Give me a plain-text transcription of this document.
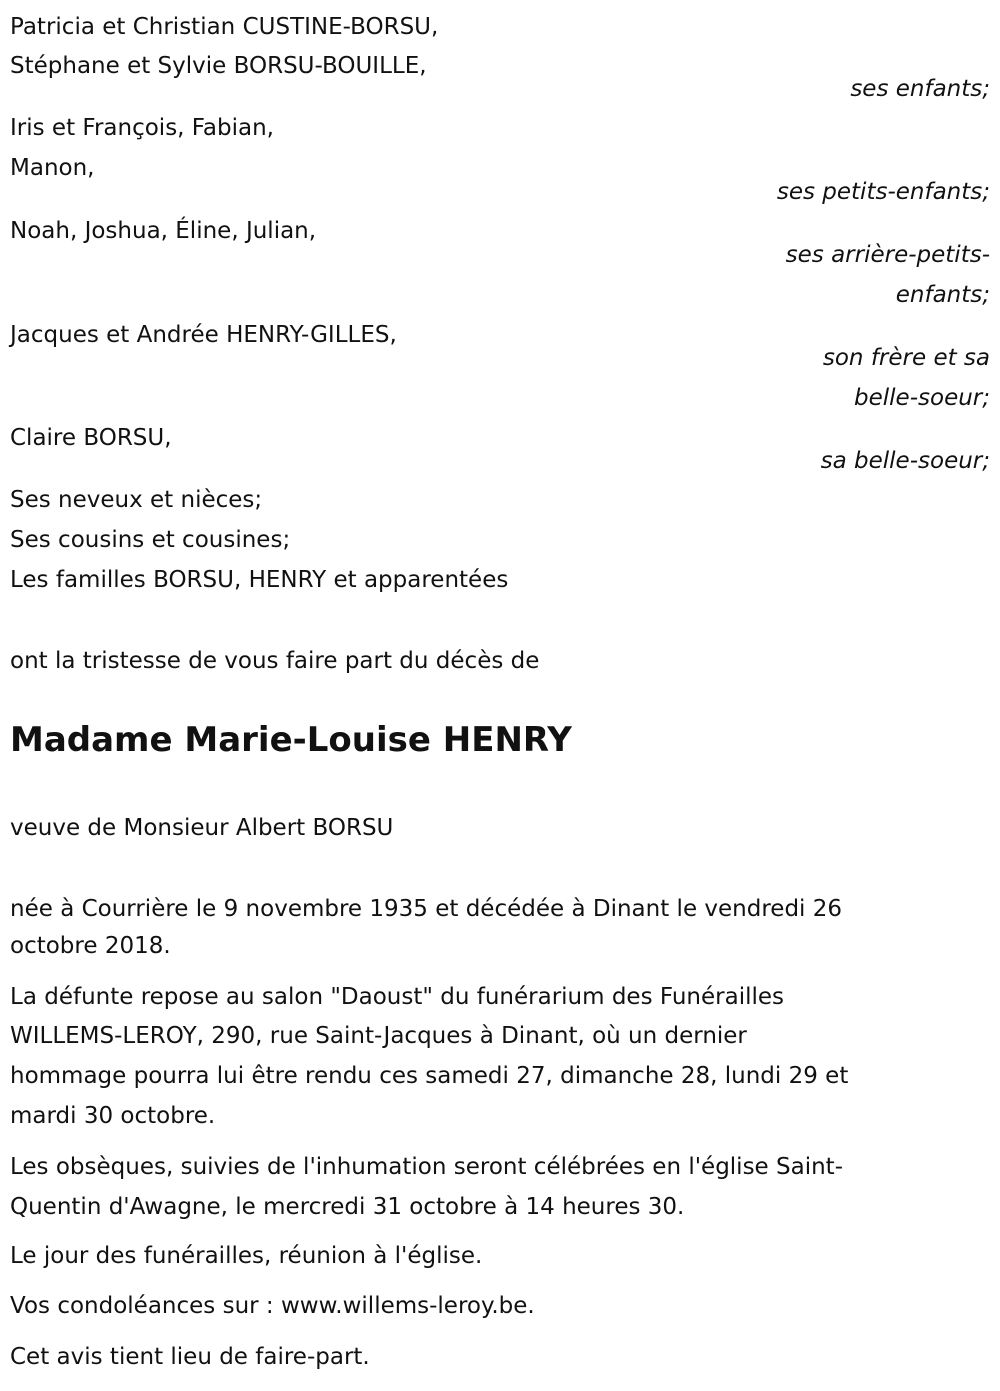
Patricia et Christian CUSTINE-BORSU,
Stéphane et Sylvie BORSU-BOUILLE,
ses enfants;
Iris et François, Fabian,
Manon,
ses petits-enfants;
Noah, Joshua, Éline, Julian,
ses arrière-petits-
enfants;
Jacques et Andrée HENRY-GILLES,
son frère et sa
belle-soeur;
Claire BORSU,
sa belle-soeur;
Ses neveux et nièces;
Ses cousins et cousines;
Les familles BORSU, HENRY et apparentées
ont la tristesse de vous faire part du décès de
Madame Marie-Louise HENRY
veuve de Monsieur Albert BORSU
née à Courrière le 9 novembre 1935 et décédée à Dinant le vendredi 26
octobre 2018.
La défunte repose au salon "Daoust" du funérarium des Funérailles
WILLEMS-LEROY, 290, rue Saint-Jacques à Dinant, où un dernier
hommage pourra lui être rendu ces samedi 27, dimanche 28, lundi 29 et
mardi 30 octobre.
Les obsèques, suivies de l'inhumation seront célébrées en l'église Saint-
Quentin d'Awagne, le mercredi 31 octobre à 14 heures 30.
Le jour des funérailles, réunion à l'église.
Vos condoléances sur : www.willems-leroy.be.
Cet avis tient lieu de faire-part.
